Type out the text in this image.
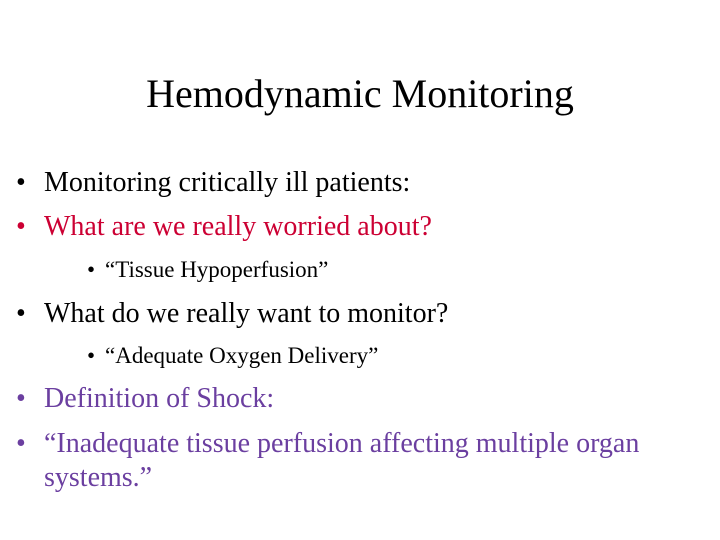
Hemodynamic Monitoring
• Monitoring critically ill patients:
• What are we really worried about?
• “Tissue Hypoperfusion”
• What do we really want to monitor?
• “Adequate Oxygen Delivery”
• Definition of Shock:
• “Inadequate tissue perfusion affecting multiple organ systems.”
